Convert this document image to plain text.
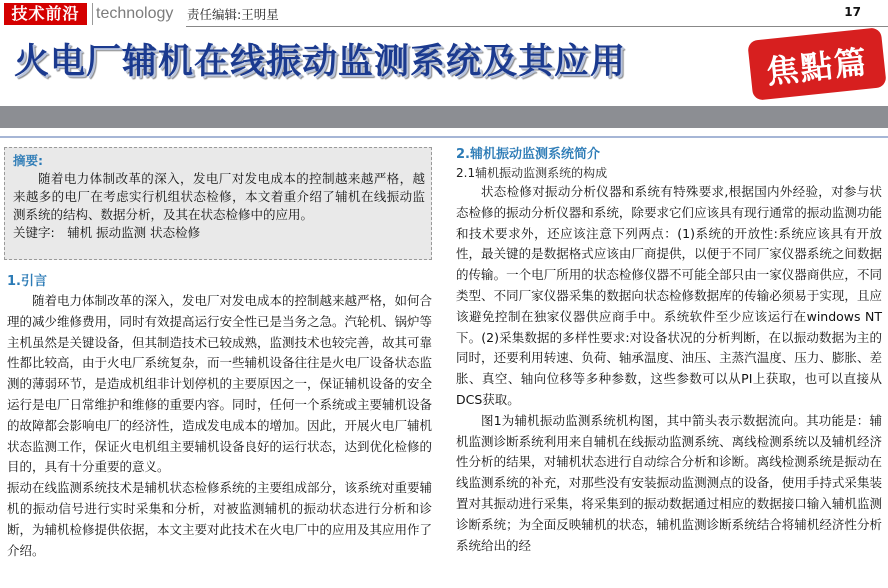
技术前沿	technology 责任编辑:王明星	17
火电厂辅机在线振动监测系统及其应用	焦點篇
摘要:
随着电力体制改革的深入，发电厂对发电成本的控制越来越严格，越来越多的电厂在考虑实行机组状态检修，本文着重介绍了辅机在线振动监测系统的结构、数据分析，及其在状态检修中的应用。
关键字:　辅机 振动监测 状态检修
1.引言

随着电力体制改革的深入，发电厂对发电成本的控制越来越严格，如何合理的减少维修费用，同时有效提高运行安全性已是当务之急。汽轮机、锅炉等主机虽然是关键设备，但其制造技术已较成熟，监测技术也较完善，故其可靠性都比较高，由于火电厂系统复杂，而一些辅机设备往往是火电厂设备状态监测的薄弱环节，是造成机组非计划停机的主要原因之一，保证辅机设备的安全运行是电厂日常维护和维修的重要内容。同时，任何一个系统或主要辅机设备的故障都会影响电厂的经济性，造成发电成本的增加。因此，开展火电厂辅机状态监测工作，保证火电机组主要辅机设备良好的运行状态，达到优化检修的目的，具有十分重要的意义。

振动在线监测系统技术是辅机状态检修系统的主要组成部分，该系统对重要辅机的振动信号进行实时采集和分析，对被监测辅机的振动状态进行分析和诊断，为辅机检修提供依据，本文主要对此技术在火电厂中的应用及其应用作了介绍。

2.辅机振动监测系统简介
2.1辅机振动监测系统的构成

状态检修对振动分析仪器和系统有特殊要求,根据国内外经验，对参与状态检修的振动分析仪器和系统，除要求它们应该具有现行通常的振动监测功能和技术要求外，还应该注意下列两点：(1)系统的开放性:系统应该具有开放性，最关键的是数据格式应该由厂商提供，以便于不同厂家仪器系统之间数据的传输。一个电厂所用的状态检修仪器不可能全部只由一家仪器商供应，不同类型、不同厂家仪器采集的数据向状态检修数据库的传输必须易于实现，且应该避免控制在独家仪器供应商手中。系统软件至少应该运行在windows NT下。(2)采集数据的多样性要求:对设备状况的分析判断，在以振动数据为主的同时，还要利用转速、负荷、轴承温度、油压、主蒸汽温度、压力、膨胀、差胀、真空、轴向位移等多种参数，这些参数可以从PI上获取，也可以直接从DCS获取。

图1为辅机振动监测系统机构图，其中箭头表示数据流向。其功能是：辅机监测诊断系统利用来自辅机在线振动监测系统、离线检测系统以及辅机经济性分析的结果，对辅机状态进行自动综合分析和诊断。离线检测系统是振动在线监测系统的补充，对那些没有安装振动监测测点的设备，使用手持式采集装置对其振动进行采集，将采集到的振动数据通过相应的数据接口输入辅机监测诊断系统；为全面反映辅机的状态，辅机监测诊断系统结合将辅机经济性分析系统给出的经
